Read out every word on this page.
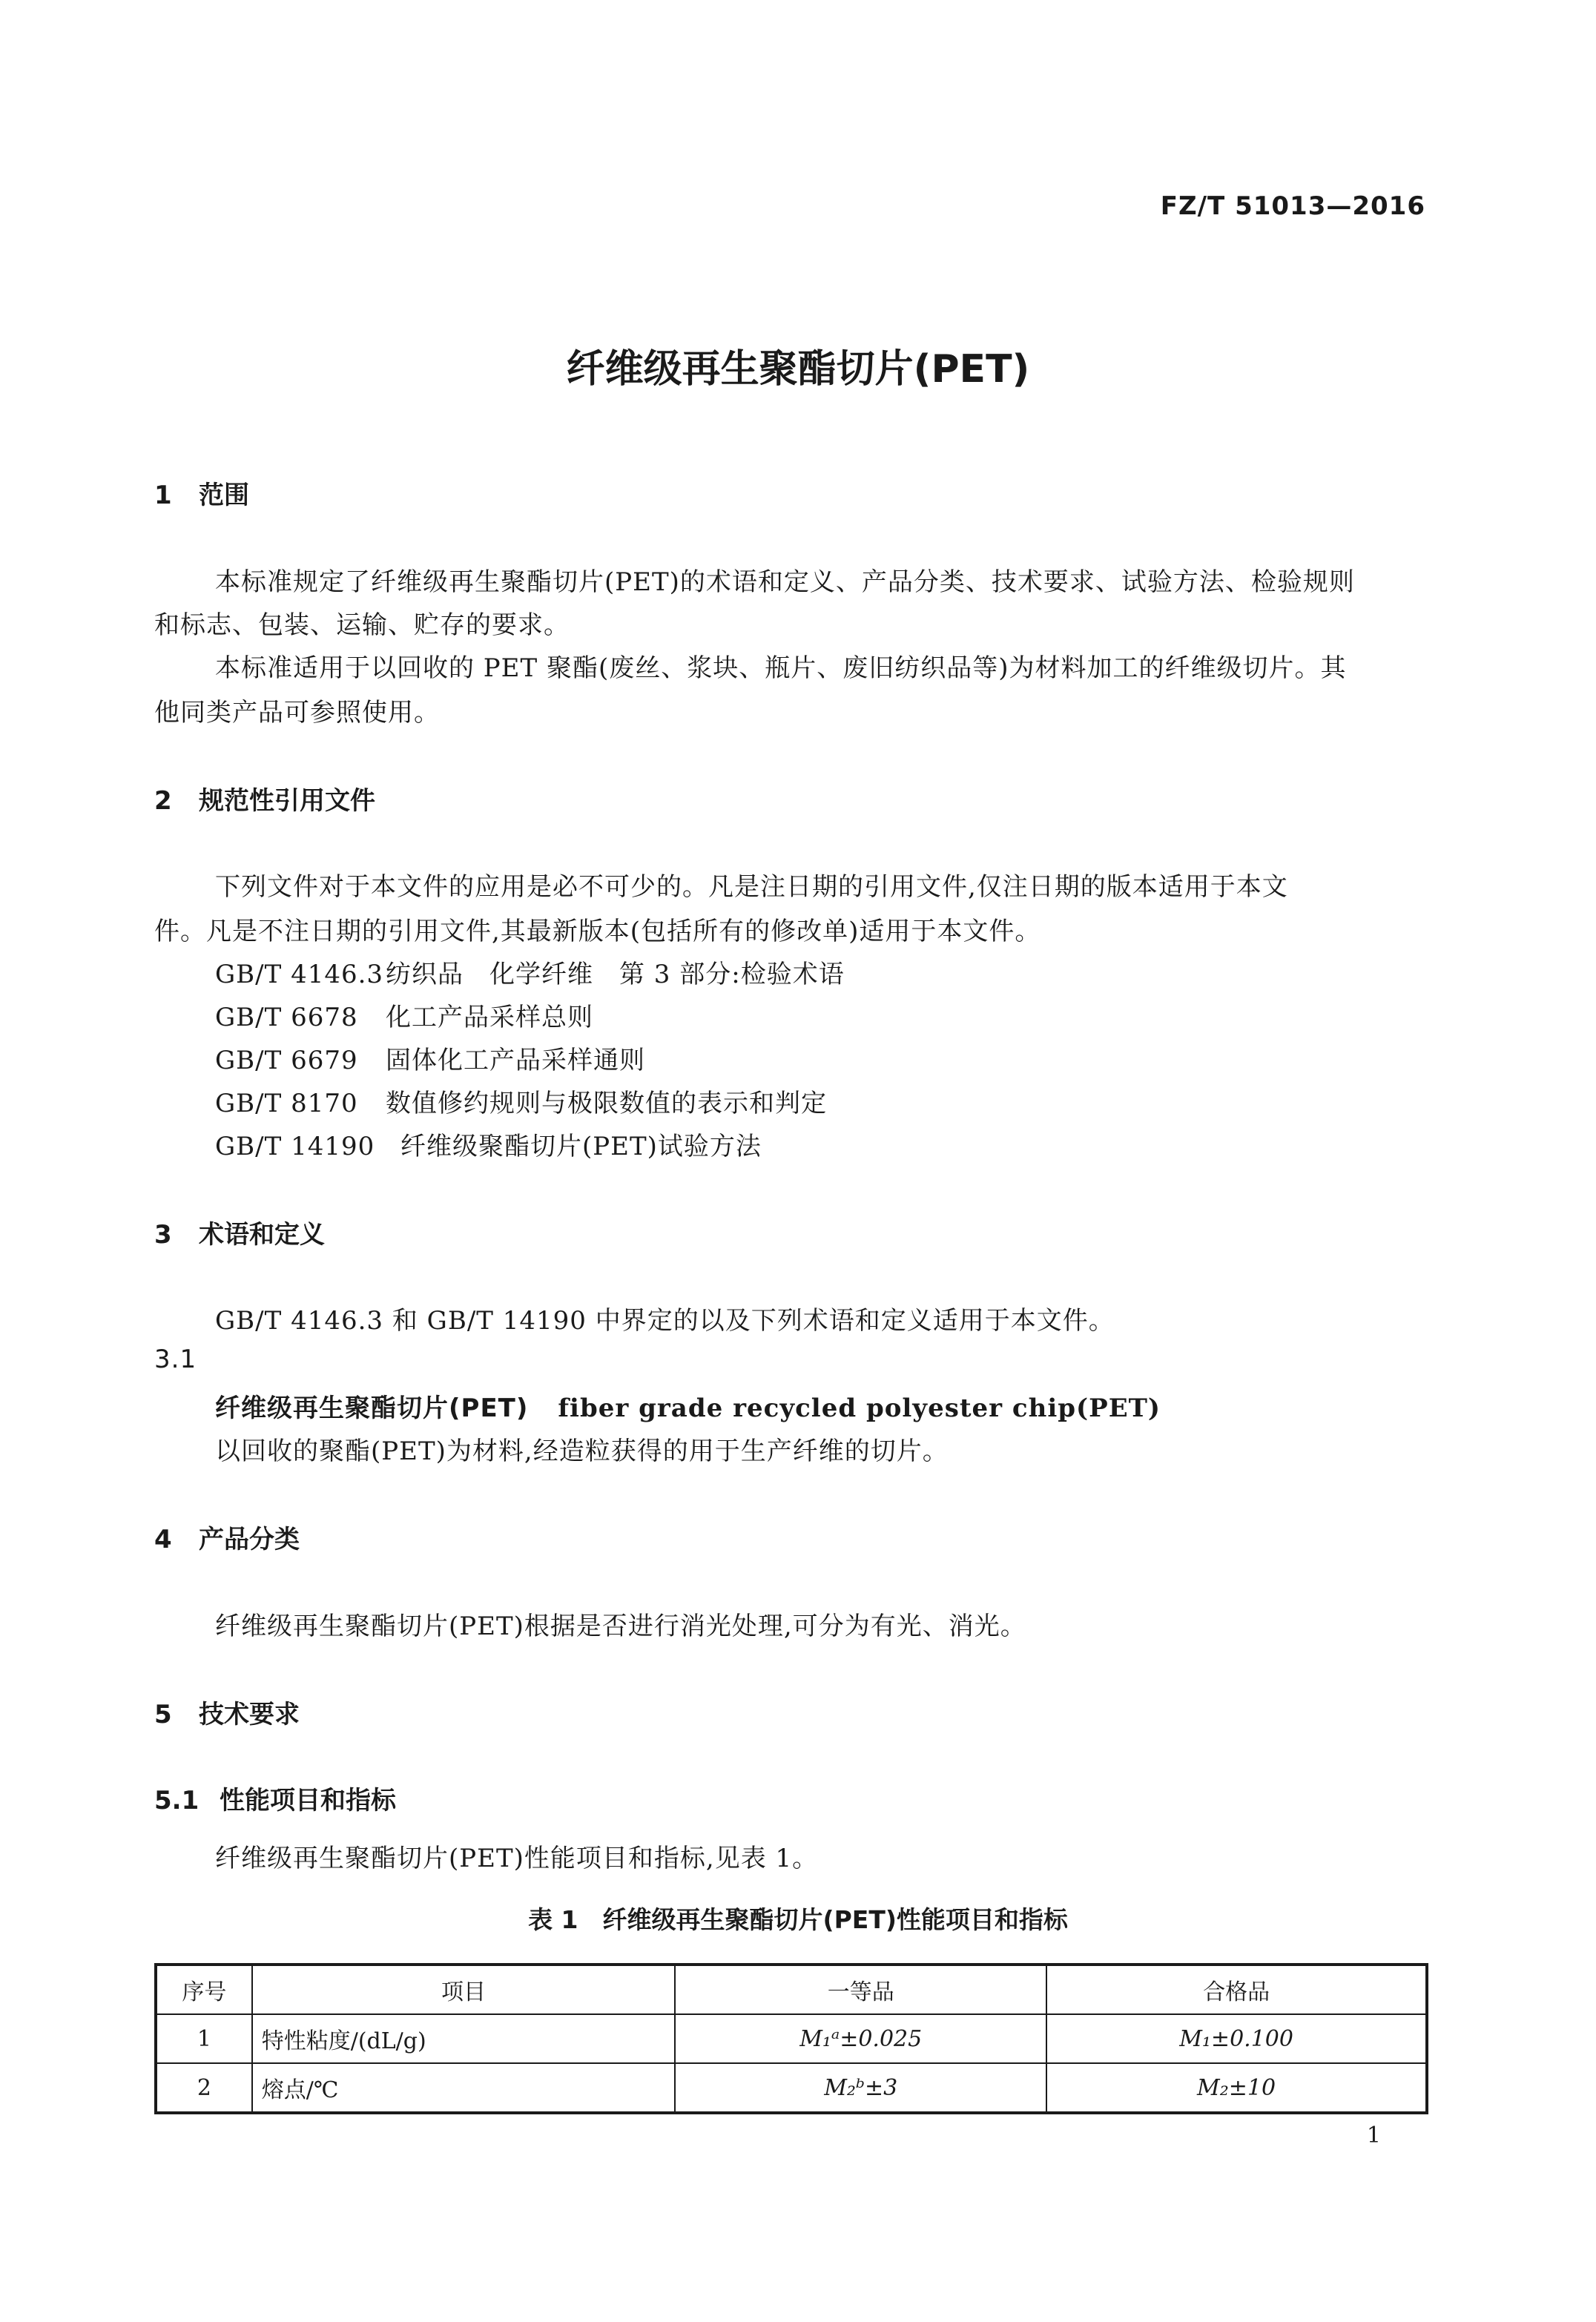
FZ/T 51013—2016
纤维级再生聚酯切片(PET)
1 范围
本标准规定了纤维级再生聚酯切片(PET)的术语和定义、产品分类、技术要求、试验方法、检验规则
和标志、包装、运输、贮存的要求。
本标准适用于以回收的 PET 聚酯(废丝、浆块、瓶片、废旧纺织品等)为材料加工的纤维级切片。其
他同类产品可参照使用。
2 规范性引用文件
下列文件对于本文件的应用是必不可少的。凡是注日期的引用文件,仅注日期的版本适用于本文
件。凡是不注日期的引用文件,其最新版本(包括所有的修改单)适用于本文件。
GB/T 4146.3纺织品　化学纤维　第 3 部分:检验术语
GB/T 6678 化工产品采样总则
GB/T 6679 固体化工产品采样通则
GB/T 8170 数值修约规则与极限数值的表示和判定
GB/T 14190 纤维级聚酯切片(PET)试验方法
3 术语和定义
GB/T 4146.3 和 GB/T 14190 中界定的以及下列术语和定义适用于本文件。
3.1
纤维级再生聚酯切片(PET) fiber grade recycled polyester chip(PET)
以回收的聚酯(PET)为材料,经造粒获得的用于生产纤维的切片。
4 产品分类
纤维级再生聚酯切片(PET)根据是否进行消光处理,可分为有光、消光。
5 技术要求
5.1 性能项目和指标
纤维级再生聚酯切片(PET)性能项目和指标,见表 1。
表 1　纤维级再生聚酯切片(PET)性能项目和指标
序号	项目	一等品	合格品
1	特性粘度/(dL/g)	M₁ᵃ±0.025	M₁±0.100
2	熔点/℃	M₂ᵇ±3	M₂±10
1
